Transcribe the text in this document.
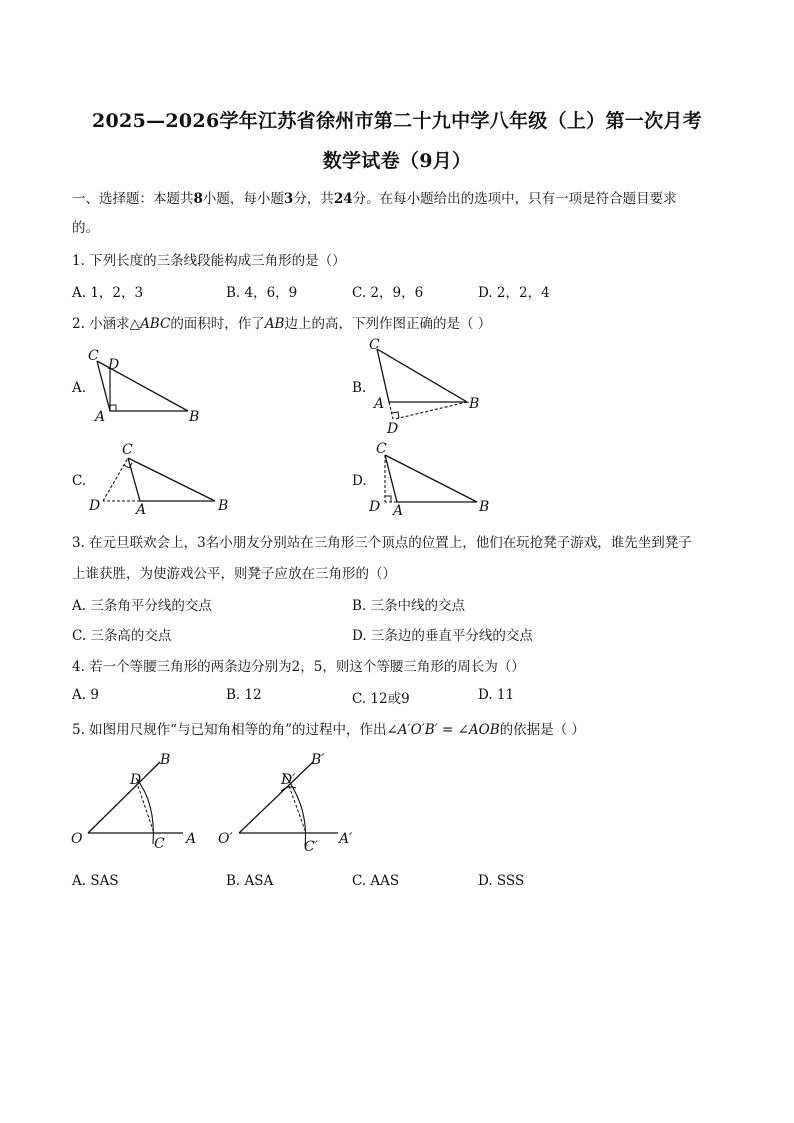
2025—2026学年江苏省徐州市第二十九中学八年级（上）第一次月考
数学试卷（9月）
一、选择题：本题共8小题，每小题3分，共24分。在每小题给出的选项中，只有一项是符合题目要求
的。
1. 下列长度的三条线段能构成三角形的是（）
A. 1，2，3	B. 4，6，9	C. 2，9，6	D. 2，2，4
2. 小涵求△ABC的面积时，作了AB边上的高，下列作图正确的是（ ）
A.	B.
C.	D.
C
D
A	B
C
A	B
D
C
D	A	B
C
D A	B
3. 在元旦联欢会上，3名小朋友分别站在三角形三个顶点的位置上，他们在玩抢凳子游戏，谁先坐到凳子
上谁获胜，为使游戏公平，则凳子应放在三角形的（）
A. 三条角平分线的交点	B. 三条中线的交点
C. 三条高的交点	D. 三条边的垂直平分线的交点
4. 若一个等腰三角形的两条边分别为2，5，则这个等腰三角形的周长为（）
A. 9	B. 12	C. 12或9	D. 11
5. 如图用尺规作“与已知角相等的角”的过程中，作出∠A′O′B′ = ∠AOB的依据是（ ）
O
D
B
C A O′
D′
B′
C′ A′
A. SAS	B. ASA	C. AAS	D. SSS
